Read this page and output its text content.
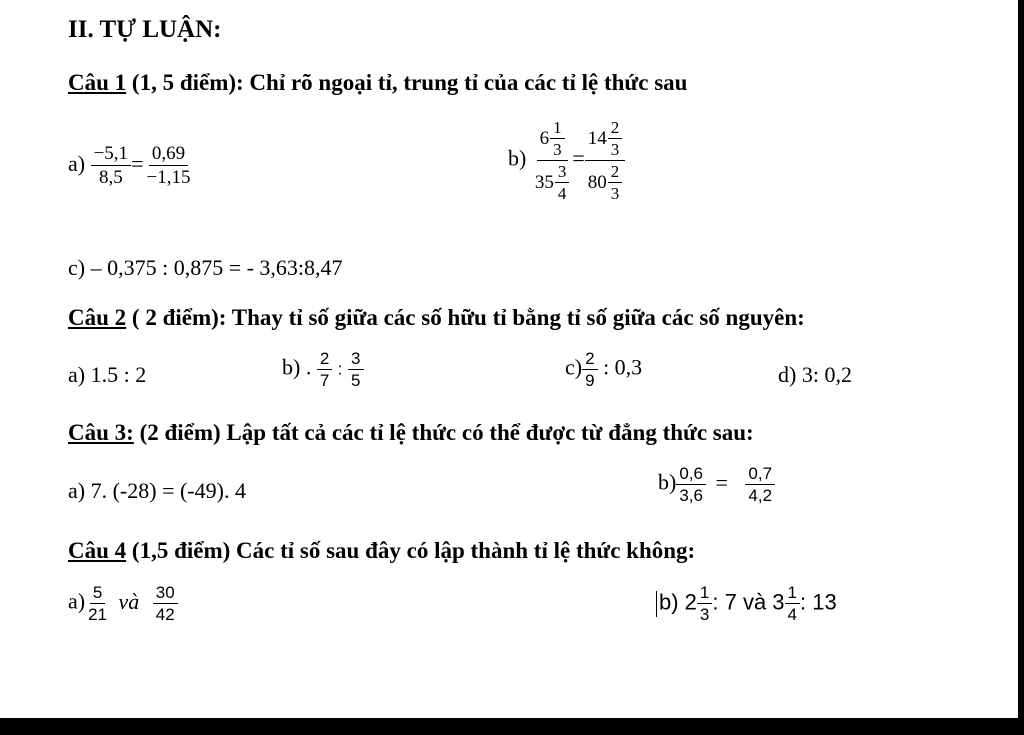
II. TỰ LUẬN:
Câu 1 (1, 5 điểm): Chỉ rõ ngoại tỉ, trung tỉ của các tỉ lệ thức sau
$a) \frac{-5,1}{8,5} = \frac{0,69}{-1,15}$	$b) \frac{6 \frac{1}{3}}{35 \frac{3}{4}} = \frac{14 \frac{2}{3}}{80 \frac{2}{3}}$
c) – 0,375 : 0,875 = - 3,63:8,47
Câu 2 ( 2 điểm): Thay tỉ số giữa các số hữu tỉ bằng tỉ số giữa các số nguyên:
a) 1.5 : 2	b) . $\frac{2}{7}$ : $\frac{3}{5}$	$c) \frac{2}{9}$ : 0,3	d) 3: 0,2
Câu 3: (2 điểm) Lập tất cả các tỉ lệ thức có thể được từ đẳng thức sau:
a) 7. (-28) = (-49). 4	$b) \frac{0,6}{3,6} = \frac{0,7}{4,2}$
Câu 4 (1,5 điểm) Các tỉ số sau đây có lập thành tỉ lệ thức không:
$a) \frac{5}{21}$ và $\frac{30}{42}$	b) $2 \frac{1}{3}$ : 7 và $3 \frac{1}{4}$ : 13
